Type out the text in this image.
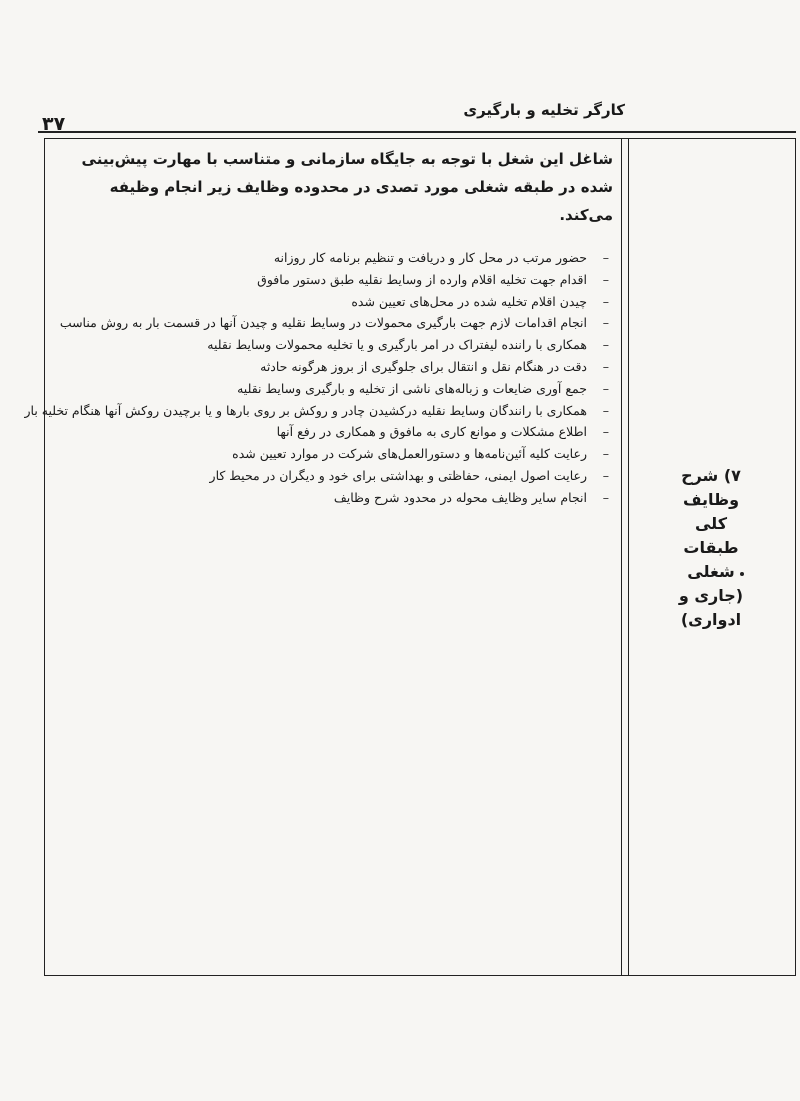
کارگر تخلیه و بارگیری
۳۷
۷) شرح
وظایف
کلی
طبقات
شغلی
(جاری و
ادواری)

شاغل این شغل با توجه به جایگاه سازمانی و متناسب با مهارت پیش‌بینی شده در طبقه شغلی مورد تصدی در محدوده وظایف زیر انجام وظیفه می‌کند.

– حضور مرتب در محل کار و دریافت و تنظیم برنامه کار روزانه
– اقدام جهت تخلیه اقلام وارده از وسایط نقلیه طبق دستور مافوق
– چیدن اقلام تخلیه شده در محل‌های تعیین شده
– انجام اقدامات لازم جهت بارگیری محمولات در وسایط نقلیه و چیدن آنها در قسمت بار به روش مناسب
– همکاری با راننده لیفتراک در امر بارگیری و یا تخلیه محمولات وسایط نقلیه
– دقت در هنگام نقل و انتقال برای جلوگیری از بروز هرگونه حادثه
– جمع آوری ضایعات و زباله‌های ناشی از تخلیه و بارگیری وسایط نقلیه
– همکاری با رانندگان وسایط نقلیه درکشیدن چادر و روکش بر روی بارها و یا برچیدن روکش آنها هنگام تخلیه بار
– اطلاع مشکلات و موانع کاری به مافوق و همکاری در رفع آنها
– رعایت کلیه آئین‌نامه‌ها و دستورالعمل‌های شرکت در موارد تعیین شده
– رعایت اصول ایمنی، حفاظتی و بهداشتی برای خود و دیگران در محیط کار
– انجام سایر وظایف محوله در محدود شرح وظایف
